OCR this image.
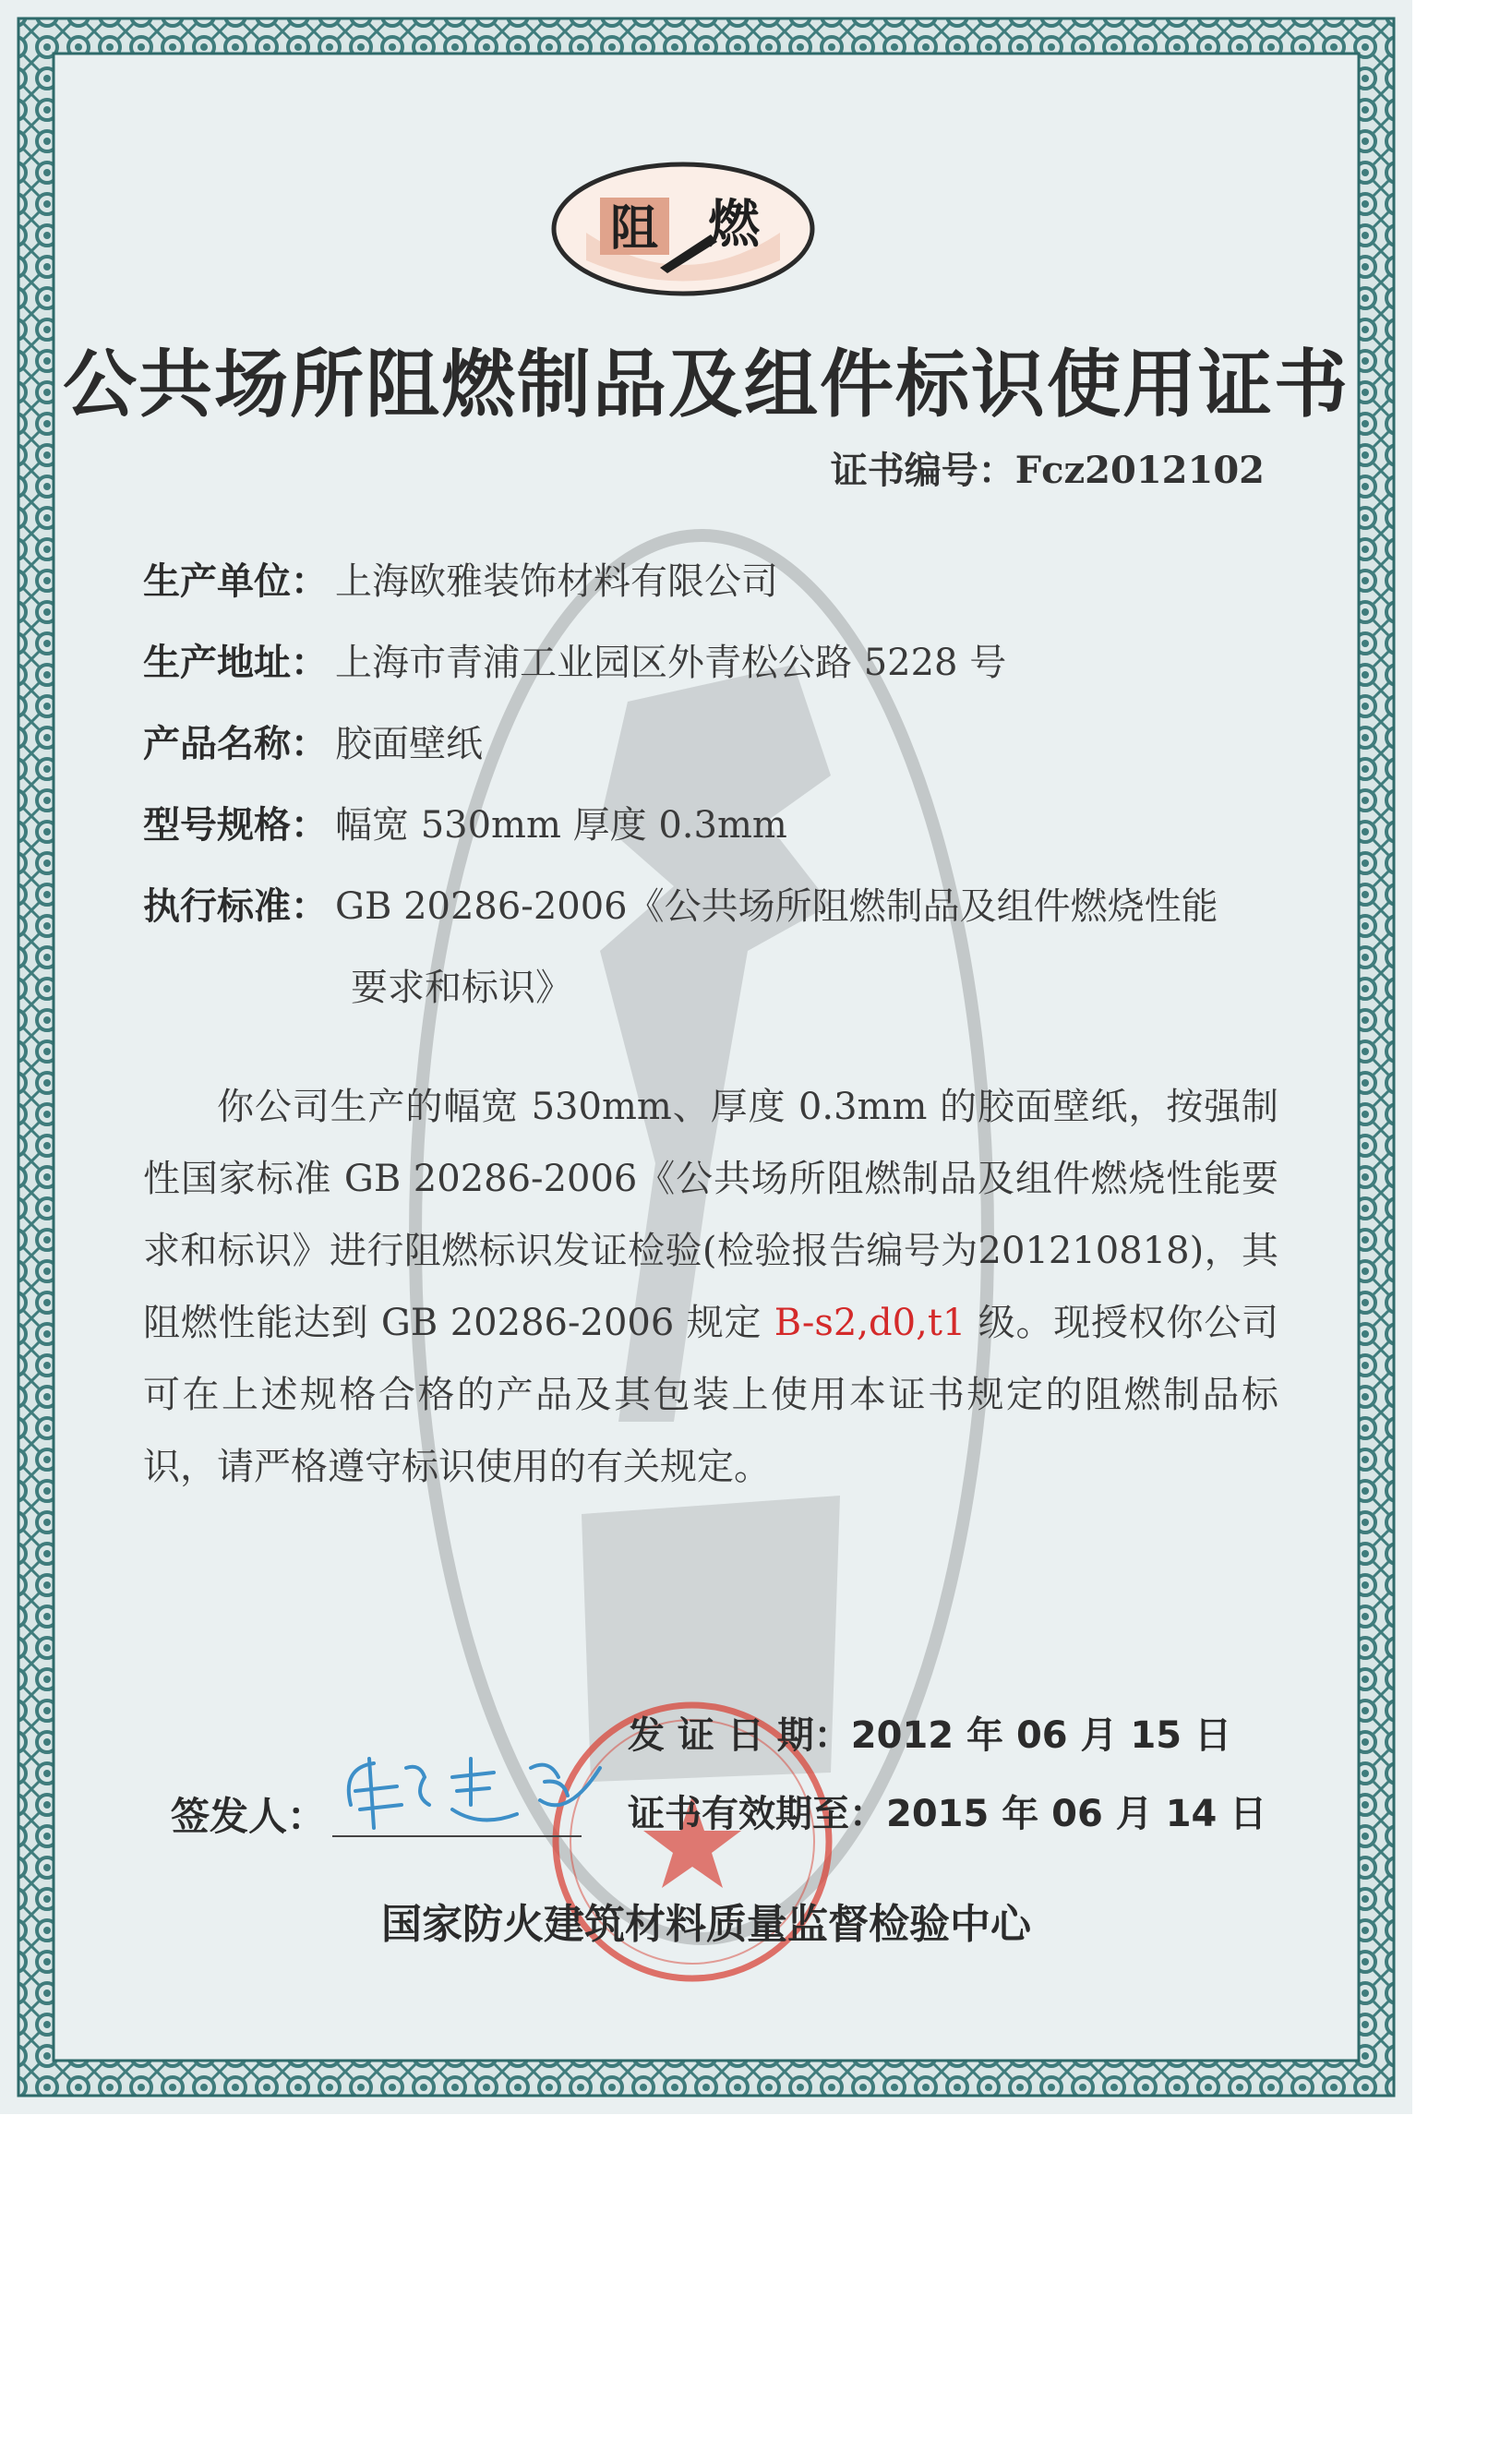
阻 燃
公共场所阻燃制品及组件标识使用证书
证书编号：Fcz2012102
生产单位： 上海欧雅装饰材料有限公司
生产地址： 上海市青浦工业园区外青松公路 5228 号
产品名称： 胶面壁纸
型号规格： 幅宽 530mm 厚度 0.3mm
执行标准： GB 20286-2006《公共场所阻燃制品及组件燃烧性能
要求和标识》
你公司生产的幅宽 530mm、厚度 0.3mm 的胶面壁纸，按强制性国家标准 GB 20286-2006《公共场所阻燃制品及组件燃烧性能要求和标识》进行阻燃标识发证检验(检验报告编号为201210818)，其阻燃性能达到 GB 20286-2006 规定 B-s2,d0,t1 级。现授权你公司可在上述规格合格的产品及其包装上使用本证书规定的阻燃制品标识，请严格遵守标识使用的有关规定。
发 证 日 期：2012 年 06 月 15 日
证书有效期至：2015 年 06 月 14 日
签发人：
国家防火建筑材料质量监督检验中心
